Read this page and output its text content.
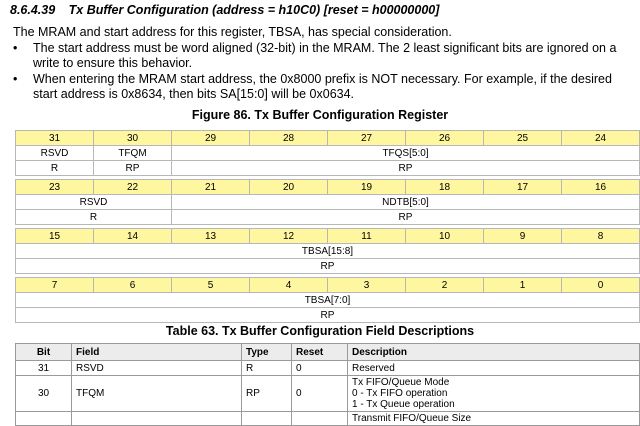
8.6.4.39 Tx Buffer Configuration (address = h10C0) [reset = h00000000]
The MRAM and start address for this register, TBSA, has special consideration.
•	The start address must be word aligned (32-bit) in the MRAM. The 2 least significant bits are ignored on a write to ensure this behavior.
•	When entering the MRAM start address, the 0x8000 prefix is NOT necessary. For example, if the desired start address is 0x8634, then bits SA[15:0] will be 0x0634.
Figure 86. Tx Buffer Configuration Register
31	30	29	28	27	26	25	24
RSVD	TFQM	TFQS[5:0]					
R	RP	RP					

23	22	21	20	19	18	17	16
RSVD		NDTB[5:0]					
R		RP					

15	14	13	12	11	10	9	8
TBSA[15:8]							
RP							

7	6	5	4	3	2	1	0
TBSA[7:0]							
RP							
Table 63. Tx Buffer Configuration Field Descriptions
Bit	Field	Type	Reset	Description
31	RSVD	R	0	Reserved

30	TFQM	RP	0	Tx FIFO/Queue Mode
0 - Tx FIFO operation
1 - Tx Queue operation

				Transmit FIFO/Queue Size
